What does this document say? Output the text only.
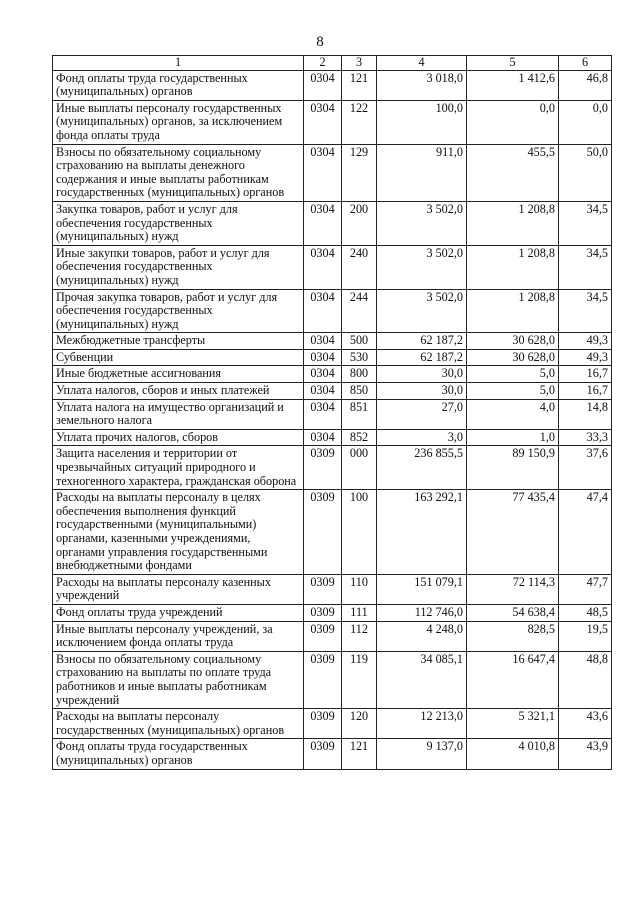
8
1	2	3	4	5	6
Фонд оплаты труда государственных (муниципальных) органов	0304	121	3 018,0	1 412,6	46,8
Иные выплаты персоналу государственных (муниципальных) органов, за исключением фонда оплаты труда	0304	122	100,0	0,0	0,0
Взносы по обязательному социальному страхованию на выплаты денежного содержания и иные выплаты работникам государственных (муниципальных) органов	0304	129	911,0	455,5	50,0
Закупка товаров, работ и услуг для обеспечения государственных (муниципальных) нужд	0304	200	3 502,0	1 208,8	34,5
Иные закупки товаров, работ и услуг для обеспечения государственных (муниципальных) нужд	0304	240	3 502,0	1 208,8	34,5
Прочая закупка товаров, работ и услуг для обеспечения государственных (муниципальных) нужд	0304	244	3 502,0	1 208,8	34,5
Межбюджетные трансферты	0304	500	62 187,2	30 628,0	49,3
Субвенции	0304	530	62 187,2	30 628,0	49,3
Иные бюджетные ассигнования	0304	800	30,0	5,0	16,7
Уплата налогов, сборов и иных платежей	0304	850	30,0	5,0	16,7
Уплата налога на имущество организаций и земельного налога	0304	851	27,0	4,0	14,8
Уплата прочих налогов, сборов	0304	852	3,0	1,0	33,3
Защита населения и территории от чрезвычайных ситуаций природного и техногенного характера, гражданская оборона	0309	000	236 855,5	89 150,9	37,6
Расходы на выплаты персоналу в целях обеспечения выполнения функций государственными (муниципальными) органами, казенными учреждениями, органами управления государственными внебюджетными фондами	0309	100	163 292,1	77 435,4	47,4
Расходы на выплаты персоналу казенных учреждений	0309	110	151 079,1	72 114,3	47,7
Фонд оплаты труда учреждений	0309	111	112 746,0	54 638,4	48,5
Иные выплаты персоналу учреждений, за исключением фонда оплаты труда	0309	112	4 248,0	828,5	19,5
Взносы по обязательному социальному страхованию на выплаты по оплате труда работников и иные выплаты работникам учреждений	0309	119	34 085,1	16 647,4	48,8
Расходы на выплаты персоналу государственных (муниципальных) органов	0309	120	12 213,0	5 321,1	43,6
Фонд оплаты труда государственных (муниципальных) органов	0309	121	9 137,0	4 010,8	43,9
